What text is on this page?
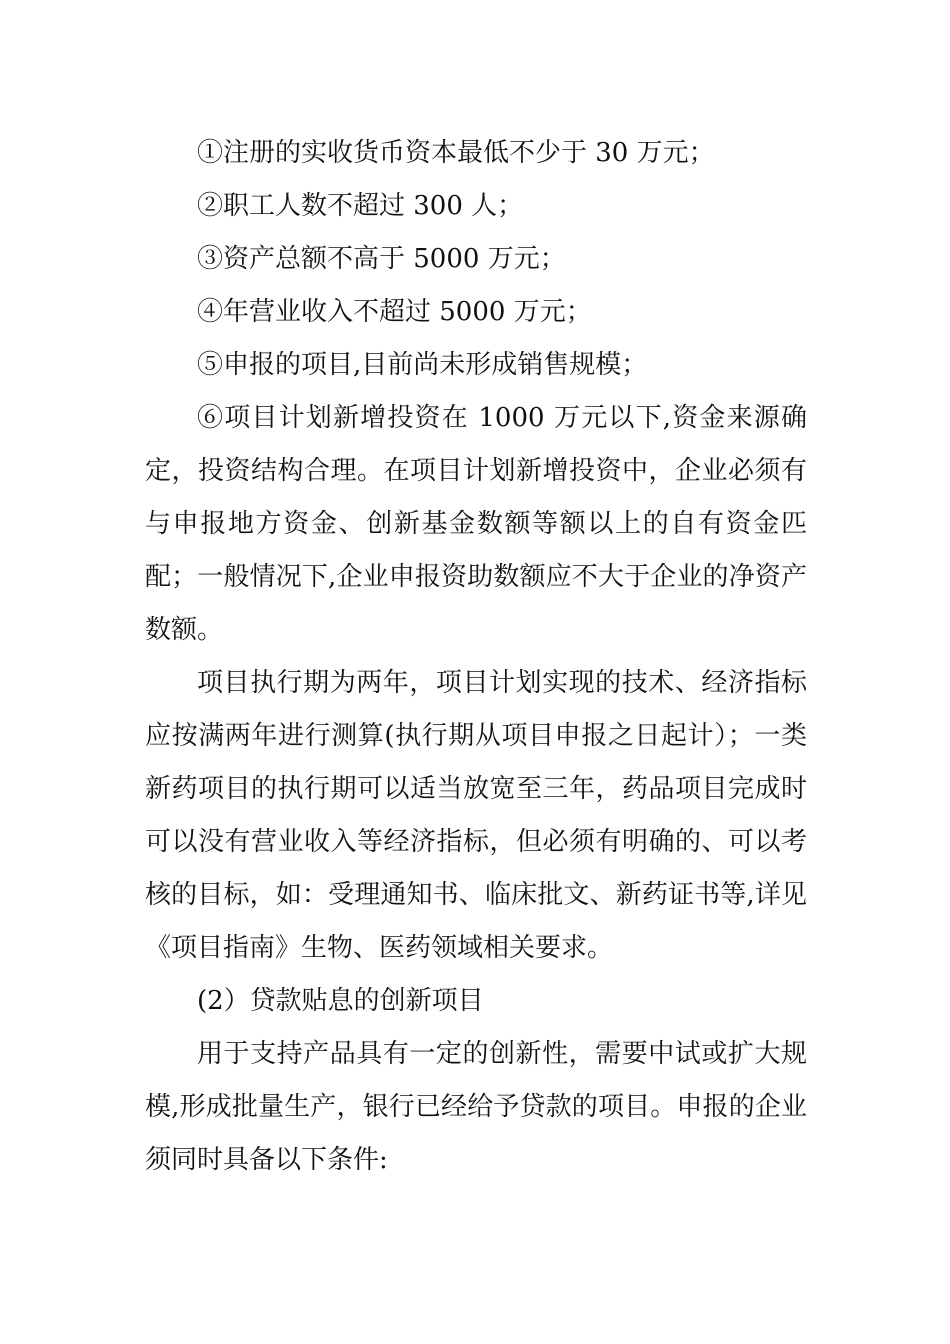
①注册的实收货币资本最低不少于 30 万元；

②职工人数不超过 300 人；

③资产总额不高于 5000 万元；

④年营业收入不超过 5000 万元；

⑤申报的项目,目前尚未形成销售规模；

⑥项目计划新增投资在 1000 万元以下,资金来源确定，投资结构合理。在项目计划新增投资中，企业必须有与申报地方资金、创新基金数额等额以上的自有资金匹配；一般情况下,企业申报资助数额应不大于企业的净资产数额。

项目执行期为两年，项目计划实现的技术、经济指标应按满两年进行测算(执行期从项目申报之日起计）；一类新药项目的执行期可以适当放宽至三年，药品项目完成时可以没有营业收入等经济指标，但必须有明确的、可以考核的目标，如：受理通知书、临床批文、新药证书等,详见《项目指南》生物、医药领域相关要求。

(2）贷款贴息的创新项目

用于支持产品具有一定的创新性，需要中试或扩大规模,形成批量生产，银行已经给予贷款的项目。申报的企业须同时具备以下条件:
